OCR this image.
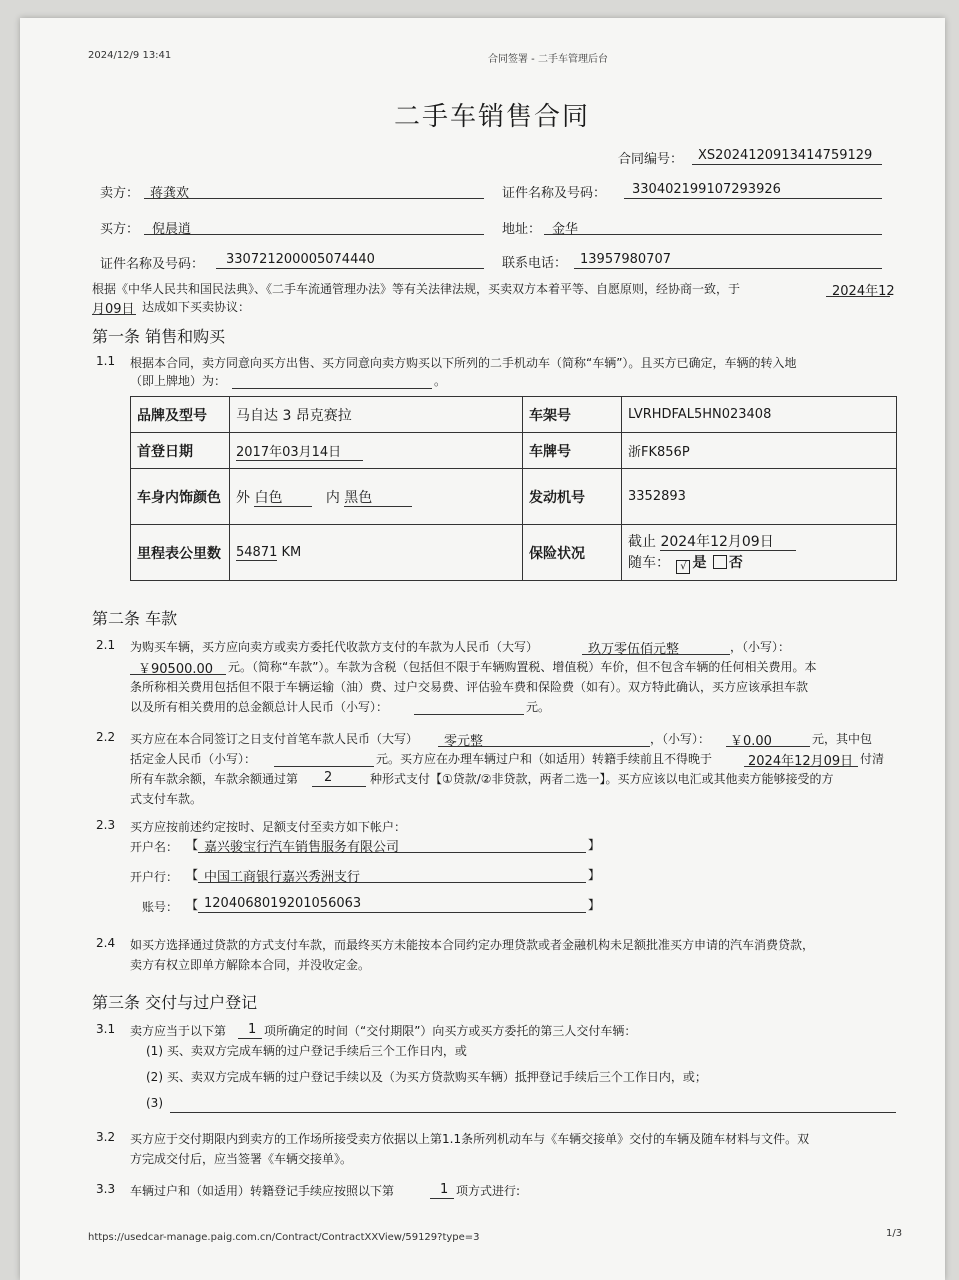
2024/12/9 13:41	合同签署 - 二手车管理后台
二手车销售合同
合同编号： XS2024120913414759129
卖方： 蒋龚欢	证件名称及号码： 330402199107293926
买方： 倪晨逍	地址： 金华
证件名称及号码： 330721200005074440	联系电话： 13957980707
根据《中华人民共和国民法典》、《二手车流通管理办法》等有关法律法规，买卖双方本着平等、自愿原则，经协商一致，于	2024年12
月09日 达成如下买卖协议：
第一条 销售和购买
1.1 根据本合同，卖方同意向买方出售、买方同意向卖方购买以下所列的二手机动车（简称“车辆”）。且买方已确定，车辆的转入地
（即上牌地）为：	。
品牌及型号	马自达 3 昂克赛拉	车架号	LVRHDFAL5HN023408
首登日期	2017年03月14日	车牌号	浙FK856P
车身内饰颜色	外 白色 内 黑色	发动机号	3352893
里程表公里数	54871 KM	保险状况	截止 2024年12月09日
随车： √ 是 否
第二条 车款
2.1 为购买车辆，买方应向卖方或卖方委托代收款方支付的车款为人民币（大写）	玖万零伍佰元整	，（小写）：
￥90500.00 元。（简称“车款”）。车款为含税（包括但不限于车辆购置税、增值税）车价，但不包含车辆的任何相关费用。本
条所称相关费用包括但不限于车辆运输（油）费、过户交易费、评估验车费和保险费（如有）。双方特此确认，买方应该承担车款
以及所有相关费用的总金额总计人民币（小写）：	元。
2.2 买方应在本合同签订之日支付首笔车款人民币（大写） 零元整	，（小写）： ￥0.00	元，其中包
括定金人民币（小写）：	元。买方应在办理车辆过户和（如适用）转籍手续前且不得晚于	2024年12月09日 付清
所有车款余额，车款余额通过第 2	种形式支付【①贷款/②非贷款，两者二选一】。买方应该以电汇或其他卖方能够接受的方
式支付车款。
2.3 买方应按前述约定按时、足额支付至卖方如下帐户：
开户名： 【 嘉兴骏宝行汽车销售服务有限公司	】
开户行： 【 中国工商银行嘉兴秀洲支行	】
账号： 【 1204068019201056063	】
2.4 如买方选择通过贷款的方式支付车款，而最终买方未能按本合同约定办理贷款或者金融机构未足额批准买方申请的汽车消费贷款，
卖方有权立即单方解除本合同，并没收定金。
第三条 交付与过户登记
3.1 卖方应当于以下第 1 项所确定的时间（“交付期限”）向买方或买方委托的第三人交付车辆：
(1) 买、卖双方完成车辆的过户登记手续后三个工作日内，或
(2) 买、卖双方完成车辆的过户登记手续以及（为买方贷款购买车辆）抵押登记手续后三个工作日内，或；
(3)
3.2 买方应于交付期限内到卖方的工作场所接受卖方依据以上第1.1条所列机动车与《车辆交接单》交付的车辆及随车材料与文件。双
方完成交付后，应当签署《车辆交接单》。
3.3 车辆过户和（如适用）转籍登记手续应按照以下第	1 项方式进行:
https://usedcar-manage.paig.com.cn/Contract/ContractXXView/59129?type=3	1/3
